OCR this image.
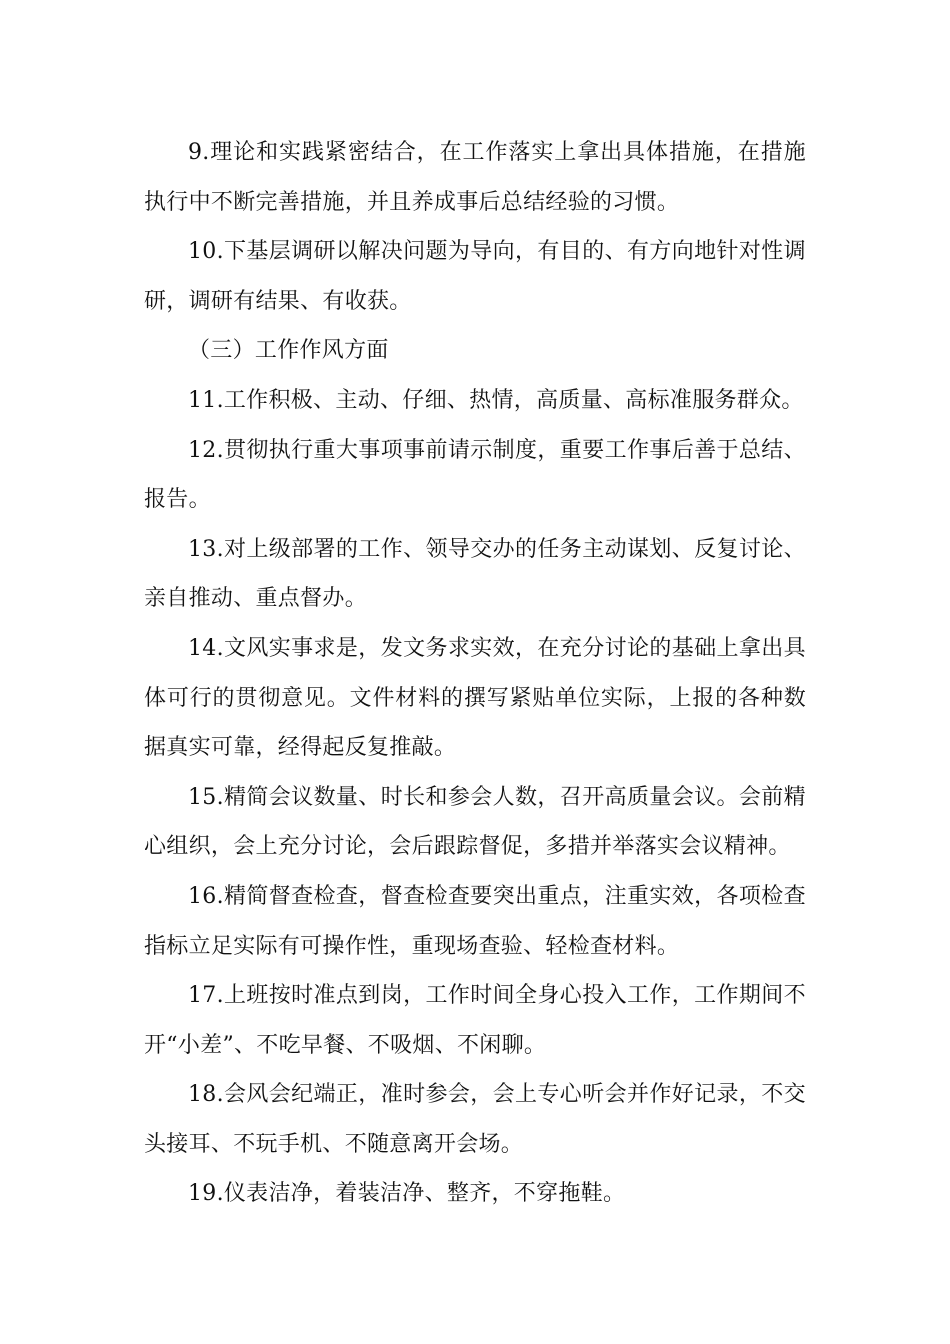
9.理论和实践紧密结合，在工作落实上拿出具体措施，在措施执行中不断完善措施，并且养成事后总结经验的习惯。

10.下基层调研以解决问题为导向，有目的、有方向地针对性调研，调研有结果、有收获。

（三）工作作风方面

11.工作积极、主动、仔细、热情，高质量、高标准服务群众。

12.贯彻执行重大事项事前请示制度，重要工作事后善于总结、报告。

13.对上级部署的工作、领导交办的任务主动谋划、反复讨论、亲自推动、重点督办。

14.文风实事求是，发文务求实效，在充分讨论的基础上拿出具体可行的贯彻意见。文件材料的撰写紧贴单位实际，上报的各种数据真实可靠，经得起反复推敲。

15.精简会议数量、时长和参会人数，召开高质量会议。会前精心组织，会上充分讨论，会后跟踪督促，多措并举落实会议精神。

16.精简督查检查，督查检查要突出重点，注重实效，各项检查指标立足实际有可操作性，重现场查验、轻检查材料。

17.上班按时准点到岗，工作时间全身心投入工作，工作期间不开“小差”、不吃早餐、不吸烟、不闲聊。

18.会风会纪端正，准时参会，会上专心听会并作好记录，不交头接耳、不玩手机、不随意离开会场。

19.仪表洁净，着装洁净、整齐，不穿拖鞋。
